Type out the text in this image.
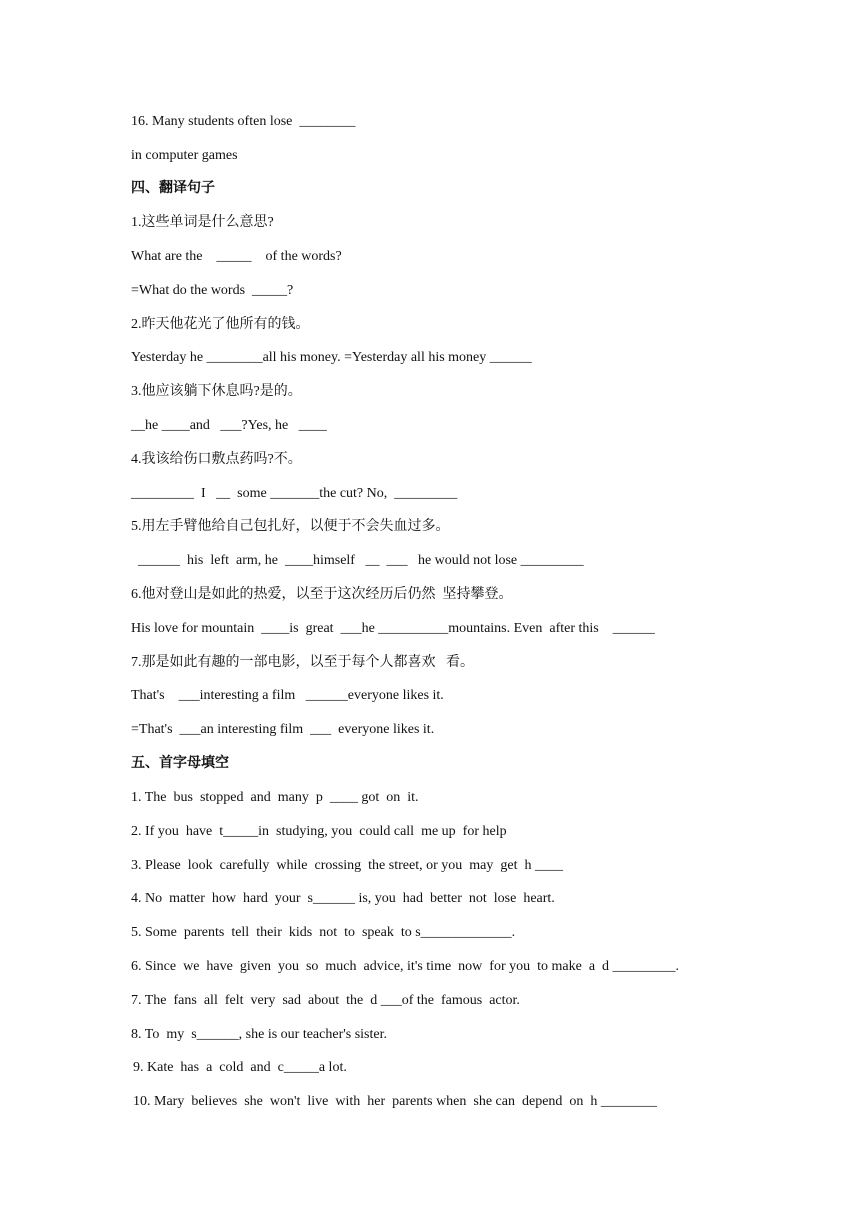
16. Many students often lose  ________
in computer games
四、翻译句子
1.这些单词是什么意思?
What are the    _____    of the words?
=What do the words  _____?
2.昨天他花光了他所有的钱。
Yesterday he ________all his money. =Yesterday all his money ______
3.他应该躺下休息吗?是的。
__he ____and   ___?Yes, he   ____
4.我该给伤口敷点药吗?不。
_________  I   __  some _______the cut? No,  _________
5.用左手臂他给自己包扎好，以便于不会失血过多。
______  his  left  arm, he  ____himself   __  ___   he would not lose _________
6.他对登山是如此的热爱，以至于这次经历后仍然  坚持攀登。
His love for mountain  ____is  great  ___he __________mountains. Even  after this    ______
7.那是如此有趣的一部电影，以至于每个人都喜欢   看。
That's    ___interesting a film   ______everyone likes it.
=That's  ___an interesting film  ___  everyone likes it.
五、首字母填空
1. The  bus  stopped  and  many  p  ____ got  on  it.
2. If you  have  t_____in  studying, you  could call  me up  for help
3. Please  look  carefully  while  crossing  the street, or you  may  get  h ____
4. No  matter  how  hard  your  s______ is, you  had  better  not  lose  heart.
5. Some  parents  tell  their  kids  not  to  speak  to s_____________.
6. Since  we  have  given  you  so  much  advice, it's time  now  for you  to make  a  d _________.
7. The  fans  all  felt  very  sad  about  the  d ___of the  famous  actor.
8. To  my  s______, she is our teacher's sister.
9. Kate  has  a  cold  and  c_____a lot.
10. Mary  believes  she  won't  live  with  her  parents when  she can  depend  on  h ________
